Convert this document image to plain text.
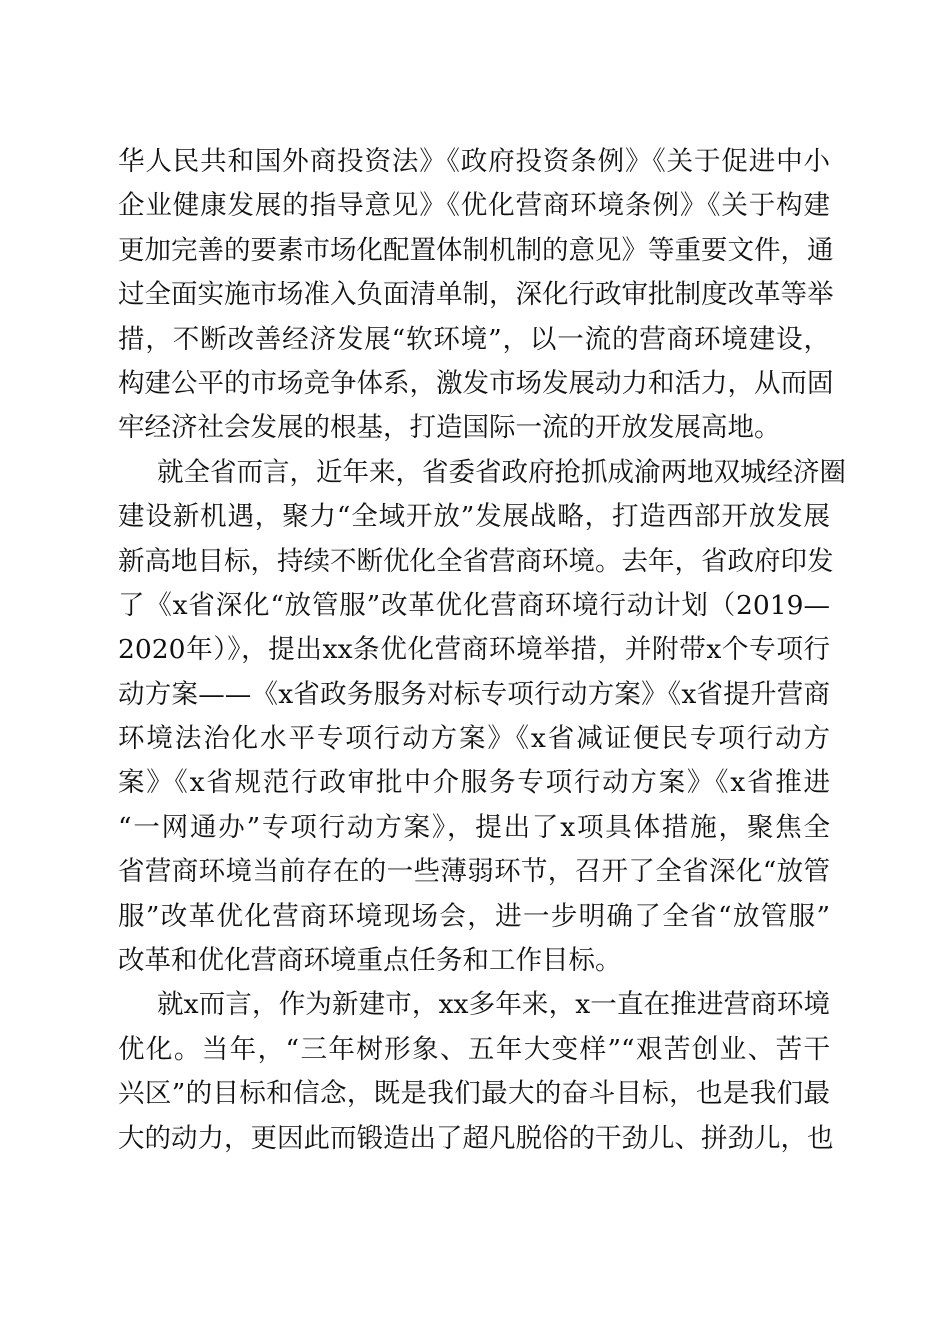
华人民共和国外商投资法》《政府投资条例》《关于促进中小
企业健康发展的指导意见》《优化营商环境条例》《关于构建
更加完善的要素市场化配置体制机制的意见》等重要文件，通
过全面实施市场准入负面清单制，深化行政审批制度改革等举
措，不断改善经济发展“软环境”，以一流的营商环境建设，
构建公平的市场竞争体系，激发市场发展动力和活力，从而固
牢经济社会发展的根基，打造国际一流的开放发展高地。
就全省而言，近年来，省委省政府抢抓成渝两地双城经济圈
建设新机遇，聚力“全域开放”发展战略，打造西部开放发展
新高地目标，持续不断优化全省营商环境。去年，省政府印发
了《x省深化“放管服”改革优化营商环境行动计划（2019—
2020年）》，提出xx条优化营商环境举措，并附带x个专项行
动方案——《x省政务服务对标专项行动方案》《x省提升营商
环境法治化水平专项行动方案》《x省减证便民专项行动方
案》《x省规范行政审批中介服务专项行动方案》《x省推进
“一网通办”专项行动方案》，提出了x项具体措施，聚焦全
省营商环境当前存在的一些薄弱环节，召开了全省深化“放管
服”改革优化营商环境现场会，进一步明确了全省“放管服”
改革和优化营商环境重点任务和工作目标。
就x而言，作为新建市，xx多年来，x一直在推进营商环境
优化。当年，“三年树形象、五年大变样”“艰苦创业、苦干
兴区”的目标和信念，既是我们最大的奋斗目标，也是我们最
大的动力，更因此而锻造出了超凡脱俗的干劲儿、拼劲儿，也
